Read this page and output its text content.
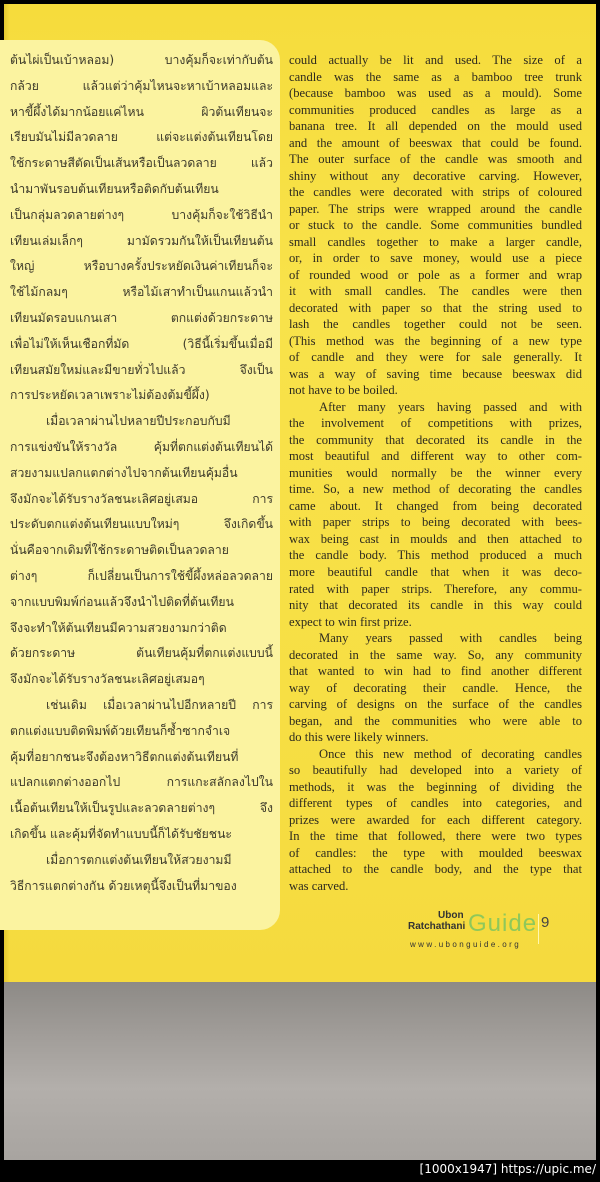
ต้นไผ่เป็นเบ้าหลอม) บางคุ้มก็จะเท่ากับต้น
กล้วย แล้วแต่ว่าคุ้มไหนจะหาเบ้าหลอมและ
หาขี้ผึ้งได้มากน้อยแค่ไหน ผิวต้นเทียนจะ
เรียบมันไม่มีลวดลาย แต่จะแต่งต้นเทียนโดย
ใช้กระดาษสีตัดเป็นเส้นหรือเป็นลวดลาย แล้ว
นำมาพันรอบต้นเทียนหรือติดกับต้นเทียน
เป็นกลุ่มลวดลายต่างๆ บางคุ้มก็จะใช้วิธีนำ
เทียนเล่มเล็กๆ มามัดรวมกันให้เป็นเทียนต้น
ใหญ่ หรือบางครั้งประหยัดเงินค่าเทียนก็จะ
ใช้ไม้กลมๆ หรือไม้เสาทำเป็นแกนแล้วนำ
เทียนมัดรอบแกนเสา ตกแต่งด้วยกระดาษ
เพื่อไม่ให้เห็นเชือกที่มัด (วิธีนี้เริ่มขึ้นเมื่อมี
เทียนสมัยใหม่และมีขายทั่วไปแล้ว จึงเป็น
การประหยัดเวลาเพราะไม่ต้องต้มขี้ผึ้ง)
เมื่อเวลาผ่านไปหลายปีประกอบกับมี
การแข่งขันให้รางวัล คุ้มที่ตกแต่งต้นเทียนได้
สวยงามแปลกแตกต่างไปจากต้นเทียนคุ้มอื่น
จึงมักจะได้รับรางวัลชนะเลิศอยู่เสมอ การ
ประดับตกแต่งต้นเทียนแบบใหม่ๆ จึงเกิดขึ้น
นั่นคือจากเดิมที่ใช้กระดาษติดเป็นลวดลาย
ต่างๆ ก็เปลี่ยนเป็นการใช้ขี้ผึ้งหล่อลวดลาย
จากแบบพิมพ์ก่อนแล้วจึงนำไปติดที่ต้นเทียน
จึงจะทำให้ต้นเทียนมีความสวยงามกว่าติด
ด้วยกระดาษ ต้นเทียนคุ้มที่ตกแต่งแบบนี้
จึงมักจะได้รับรางวัลชนะเลิศอยู่เสมอๆ
เช่นเดิม เมื่อเวลาผ่านไปอีกหลายปี การ
ตกแต่งแบบติดพิมพ์ด้วยเทียนก็ซ้ำซากจำเจ
คุ้มที่อยากชนะจึงต้องหาวิธีตกแต่งต้นเทียนที่
แปลกแตกต่างออกไป การแกะสลักลงไปใน
เนื้อต้นเทียนให้เป็นรูปและลวดลายต่างๆ จึง
เกิดขึ้น และคุ้มที่จัดทำแบบนี้ก็ได้รับชัยชนะ
เมื่อการตกแต่งต้นเทียนให้สวยงามมี
วิธีการแตกต่างกัน ด้วยเหตุนี้จึงเป็นที่มาของ
could actually be lit and used. The size of a
candle was the same as a bamboo tree trunk
(because bamboo was used as a mould). Some
communities produced candles as large as a
banana tree. It all depended on the mould used
and the amount of beeswax that could be found.
The outer surface of the candle was smooth and
shiny without any decorative carving. However,
the candles were decorated with strips of coloured
paper. The strips were wrapped around the candle
or stuck to the candle. Some communities bundled
small candles together to make a larger candle,
or, in order to save money, would use a piece
of rounded wood or pole as a former and wrap
it with small candles. The candles were then
decorated with paper so that the string used to
lash the candles together could not be seen.
(This method was the beginning of a new type
of candle and they were for sale generally. It
was a way of saving time because beeswax did
not have to be boiled.
After many years having passed and with
the involvement of competitions with prizes,
the community that decorated its candle in the
most beautiful and different way to other com-
munities would normally be the winner every
time. So, a new method of decorating the candles
came about. It changed from being decorated
with paper strips to being decorated with bees-
wax being cast in moulds and then attached to
the candle body. This method produced a much
more beautiful candle that when it was deco-
rated with paper strips. Therefore, any commu-
nity that decorated its candle in this way could
expect to win first prize.
Many years passed with candles being
decorated in the same way. So, any community
that wanted to win had to find another different
way of decorating their candle. Hence, the
carving of designs on the surface of the candles
began, and the communities who were able to
do this were likely winners.
Once this new method of decorating candles
so beautifully had developed into a variety of
methods, it was the beginning of dividing the
different types of candles into categories, and
prizes were awarded for each different category.
In the time that followed, there were two types
of candles: the type with moulded beeswax
attached to the candle body, and the type that
was carved.
Ubon
Ratchathani Guide
www.ubonguide.org
9
[1000x1947] https://upic.me/
